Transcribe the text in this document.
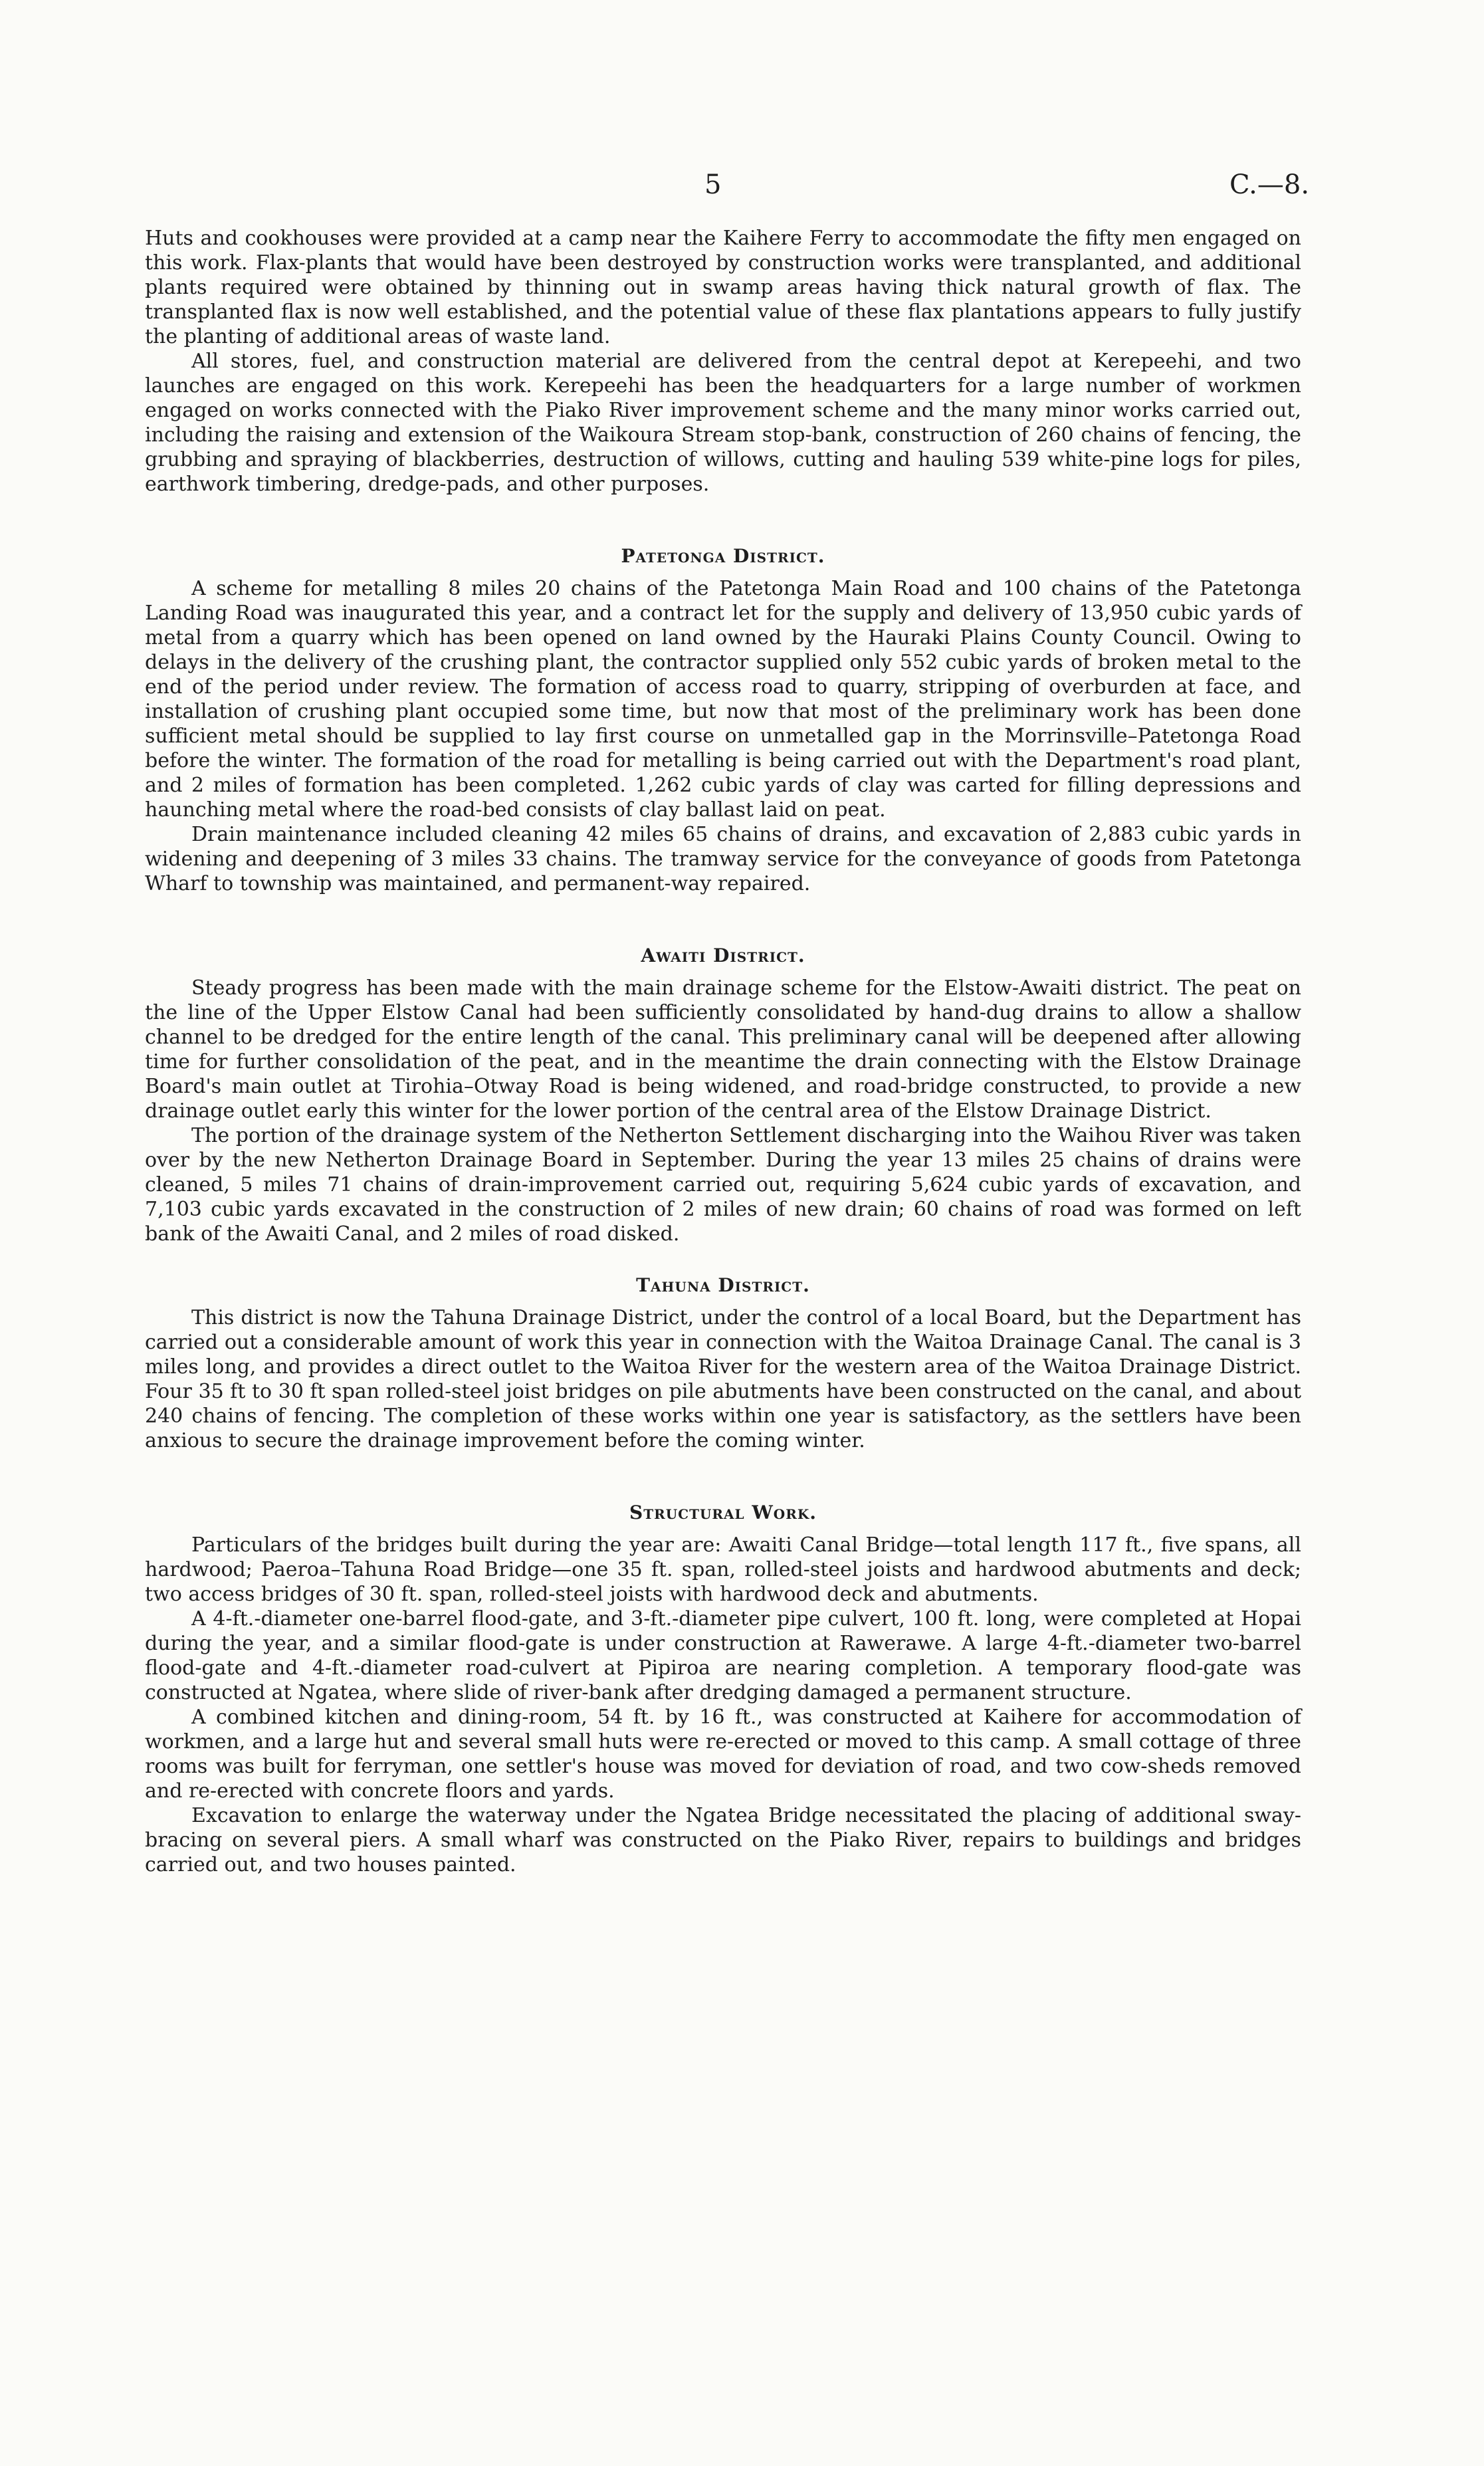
5	C.—8.

Huts and cookhouses were provided at a camp near the Kaihere Ferry to accommodate the fifty men engaged on this work. Flax-plants that would have been destroyed by construction works were transplanted, and additional plants required were obtained by thinning out in swamp areas having thick natural growth of flax. The transplanted flax is now well established, and the potential value of these flax plantations appears to fully justify the planting of additional areas of waste land.

All stores, fuel, and construction material are delivered from the central depot at Kerepeehi, and two launches are engaged on this work. Kerepeehi has been the headquarters for a large number of workmen engaged on works connected with the Piako River improvement scheme and the many minor works carried out, including the raising and extension of the Waikoura Stream stop-bank, construction of 260 chains of fencing, the grubbing and spraying of blackberries, destruction of willows, cutting and hauling 539 white-pine logs for piles, earthwork timbering, dredge-pads, and other purposes.

Patetonga District.

A scheme for metalling 8 miles 20 chains of the Patetonga Main Road and 100 chains of the Patetonga Landing Road was inaugurated this year, and a contract let for the supply and delivery of 13,950 cubic yards of metal from a quarry which has been opened on land owned by the Hauraki Plains County Council. Owing to delays in the delivery of the crushing plant, the contractor supplied only 552 cubic yards of broken metal to the end of the period under review. The formation of access road to quarry, stripping of overburden at face, and installation of crushing plant occupied some time, but now that most of the preliminary work has been done sufficient metal should be supplied to lay first course on unmetalled gap in the Morrinsville–Patetonga Road before the winter. The formation of the road for metalling is being carried out with the Department's road plant, and 2 miles of formation has been completed. 1,262 cubic yards of clay was carted for filling depressions and haunching metal where the road-bed consists of clay ballast laid on peat.

Drain maintenance included cleaning 42 miles 65 chains of drains, and excavation of 2,883 cubic yards in widening and deepening of 3 miles 33 chains. The tramway service for the conveyance of goods from Patetonga Wharf to township was maintained, and permanent-way repaired.

Awaiti District.

Steady progress has been made with the main drainage scheme for the Elstow-Awaiti district. The peat on the line of the Upper Elstow Canal had been sufficiently consolidated by hand-dug drains to allow a shallow channel to be dredged for the entire length of the canal. This preliminary canal will be deepened after allowing time for further consolidation of the peat, and in the meantime the drain connecting with the Elstow Drainage Board's main outlet at Tirohia–Otway Road is being widened, and road-bridge constructed, to provide a new drainage outlet early this winter for the lower portion of the central area of the Elstow Drainage District.

The portion of the drainage system of the Netherton Settlement discharging into the Waihou River was taken over by the new Netherton Drainage Board in September. During the year 13 miles 25 chains of drains were cleaned, 5 miles 71 chains of drain-improvement carried out, requiring 5,624 cubic yards of excavation, and 7,103 cubic yards excavated in the construction of 2 miles of new drain; 60 chains of road was formed on left bank of the Awaiti Canal, and 2 miles of road disked.

Tahuna District.

This district is now the Tahuna Drainage District, under the control of a local Board, but the Department has carried out a considerable amount of work this year in connection with the Waitoa Drainage Canal. The canal is 3 miles long, and provides a direct outlet to the Waitoa River for the western area of the Waitoa Drainage District. Four 35 ft to 30 ft span rolled-steel joist bridges on pile abutments have been constructed on the canal, and about 240 chains of fencing. The completion of these works within one year is satisfactory, as the settlers have been anxious to secure the drainage improvement before the coming winter.

Structural Work.

Particulars of the bridges built during the year are: Awaiti Canal Bridge—total length 117 ft., five spans, all hardwood; Paeroa–Tahuna Road Bridge—one 35 ft. span, rolled-steel joists and hardwood abutments and deck; two access bridges of 30 ft. span, rolled-steel joists with hardwood deck and abutments.

A 4-ft.-diameter one-barrel flood-gate, and 3-ft.-diameter pipe culvert, 100 ft. long, were completed at Hopai during the year, and a similar flood-gate is under construction at Rawerawe. A large 4-ft.-diameter two-barrel flood-gate and 4-ft.-diameter road-culvert at Pipiroa are nearing completion. A temporary flood-gate was constructed at Ngatea, where slide of river-bank after dredging damaged a permanent structure.

A combined kitchen and dining-room, 54 ft. by 16 ft., was constructed at Kaihere for accommodation of workmen, and a large hut and several small huts were re-erected or moved to this camp. A small cottage of three rooms was built for ferryman, one settler's house was moved for deviation of road, and two cow-sheds removed and re-erected with concrete floors and yards.

Excavation to enlarge the waterway under the Ngatea Bridge necessitated the placing of additional sway-bracing on several piers. A small wharf was constructed on the Piako River, repairs to buildings and bridges carried out, and two houses painted.
